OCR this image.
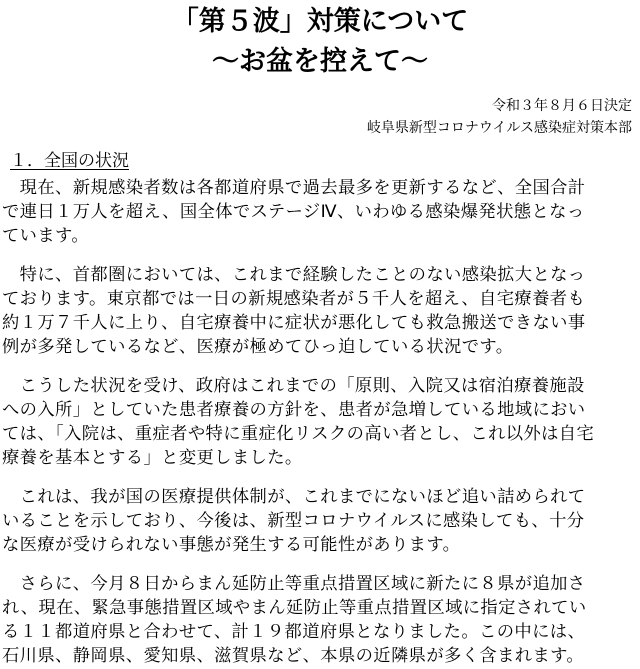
「第５波」対策について
～お盆を控えて～
令和３年８月６日決定
岐阜県新型コロナウイルス感染症対策本部
１．全国の状況
　現在、新規感染者数は各都道府県で過去最多を更新するなど、全国合計
で連日１万人を超え、国全体でステージⅣ、いわゆる感染爆発状態となっ
ています。
　特に、首都圏においては、これまで経験したことのない感染拡大となっ
ております。東京都では一日の新規感染者が５千人を超え、自宅療養者も
約１万７千人に上り、自宅療養中に症状が悪化しても救急搬送できない事
例が多発しているなど、医療が極めてひっ迫している状況です。
　こうした状況を受け、政府はこれまでの「原則、入院又は宿泊療養施設
への入所」としていた患者療養の方針を、患者が急増している地域におい
ては、「入院は、重症者や特に重症化リスクの高い者とし、これ以外は自宅
療養を基本とする」と変更しました。
　これは、我が国の医療提供体制が、これまでにないほど追い詰められて
いることを示しており、今後は、新型コロナウイルスに感染しても、十分
な医療が受けられない事態が発生する可能性があります。
　さらに、今月８日からまん延防止等重点措置区域に新たに８県が追加さ
れ、現在、緊急事態措置区域やまん延防止等重点措置区域に指定されてい
る１１都道府県と合わせて、計１９都道府県となりました。この中には、
石川県、静岡県、愛知県、滋賀県など、本県の近隣県が多く含まれます。
